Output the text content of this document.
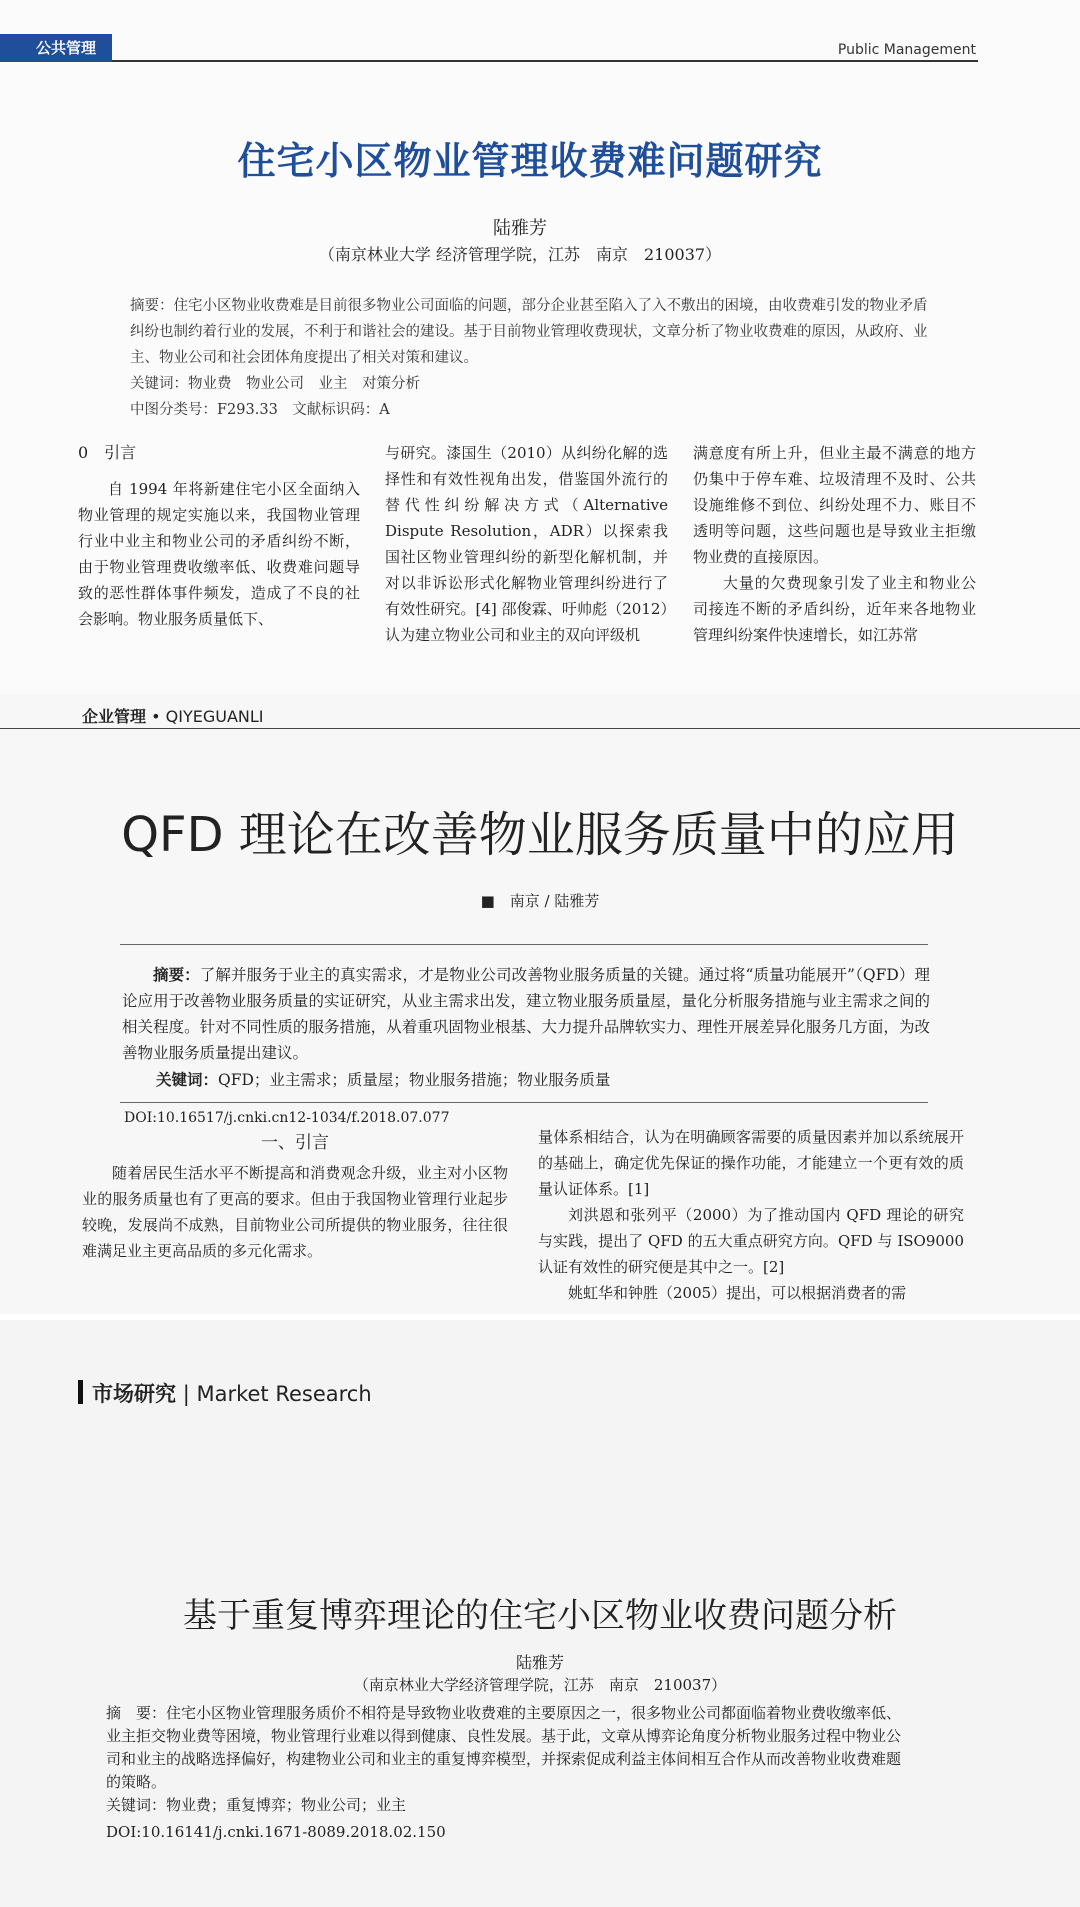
公共管理	Public Management
住宅小区物业管理收费难问题研究
陆雅芳
（南京林业大学 经济管理学院，江苏　南京　210037）
摘要：住宅小区物业收费难是目前很多物业公司面临的问题，部分企业甚至陷入了入不敷出的困境，由收费难引发的物业矛盾纠纷也制约着行业的发展，不利于和谐社会的建设。基于目前物业管理收费现状，文章分析了物业收费难的原因，从政府、业主、物业公司和社会团体角度提出了相关对策和建议。
关键词：物业费　物业公司　业主　对策分析
中图分类号：F293.33　文献标识码：A
0　引言

自 1994 年将新建住宅小区全面纳入物业管理的规定实施以来，我国物业管理行业中业主和物业公司的矛盾纠纷不断，由于物业管理费收缴率低、收费难问题导致的恶性群体事件频发，造成了不良的社会影响。物业服务质量低下、

与研究。漆国生（2010）从纠纷化解的选择性和有效性视角出发，借鉴国外流行的替代性纠纷解决方式（Alternative Dispute Resolution，ADR）以探索我国社区物业管理纠纷的新型化解机制，并对以非诉讼形式化解物业管理纠纷进行了有效性研究。[4] 邵俊霖、吁帅彪（2012）认为建立物业公司和业主的双向评级机

满意度有所上升，但业主最不满意的地方仍集中于停车难、垃圾清理不及时、公共设施维修不到位、纠纷处理不力、账目不透明等问题，这些问题也是导致业主拒缴物业费的直接原因。

大量的欠费现象引发了业主和物业公司接连不断的矛盾纠纷，近年来各地物业管理纠纷案件快速增长，如江苏常

企业管理 • QIYEGUANLI
QFD 理论在改善物业服务质量中的应用
■　南京 / 陆雅芳
摘要：了解并服务于业主的真实需求，才是物业公司改善物业服务质量的关键。通过将“质量功能展开”（QFD）理论应用于改善物业服务质量的实证研究，从业主需求出发，建立物业服务质量屋，量化分析服务措施与业主需求之间的相关程度。针对不同性质的服务措施，从着重巩固物业根基、大力提升品牌软实力、理性开展差异化服务几方面，为改善物业服务质量提出建议。
关键词：QFD；业主需求；质量屋；物业服务措施；物业服务质量
DOI:10.16517/j.cnki.cn12-1034/f.2018.07.077
一、引言

随着居民生活水平不断提高和消费观念升级，业主对小区物业的服务质量也有了更高的要求。但由于我国物业管理行业起步较晚，发展尚不成熟，目前物业公司所提供的物业服务，往往很难满足业主更高品质的多元化需求。

量体系相结合，认为在明确顾客需要的质量因素并加以系统展开的基础上，确定优先保证的操作功能，才能建立一个更有效的质量认证体系。[1]

刘洪恩和张列平（2000）为了推动国内 QFD 理论的研究与实践，提出了 QFD 的五大重点研究方向。QFD 与 ISO9000 认证有效性的研究便是其中之一。[2]

姚虹华和钟胜（2005）提出，可以根据消费者的需

市场研究 | Market Research
基于重复博弈理论的住宅小区物业收费问题分析
陆雅芳
（南京林业大学经济管理学院，江苏　南京　210037）
摘　要：住宅小区物业管理服务质价不相符是导致物业收费难的主要原因之一，很多物业公司都面临着物业费收缴率低、业主拒交物业费等困境，物业管理行业难以得到健康、良性发展。基于此，文章从博弈论角度分析物业服务过程中物业公司和业主的战略选择偏好，构建物业公司和业主的重复博弈模型，并探索促成利益主体间相互合作从而改善物业收费难题的策略。
关键词：物业费；重复博弈；物业公司；业主
DOI:10.16141/j.cnki.1671-8089.2018.02.150
